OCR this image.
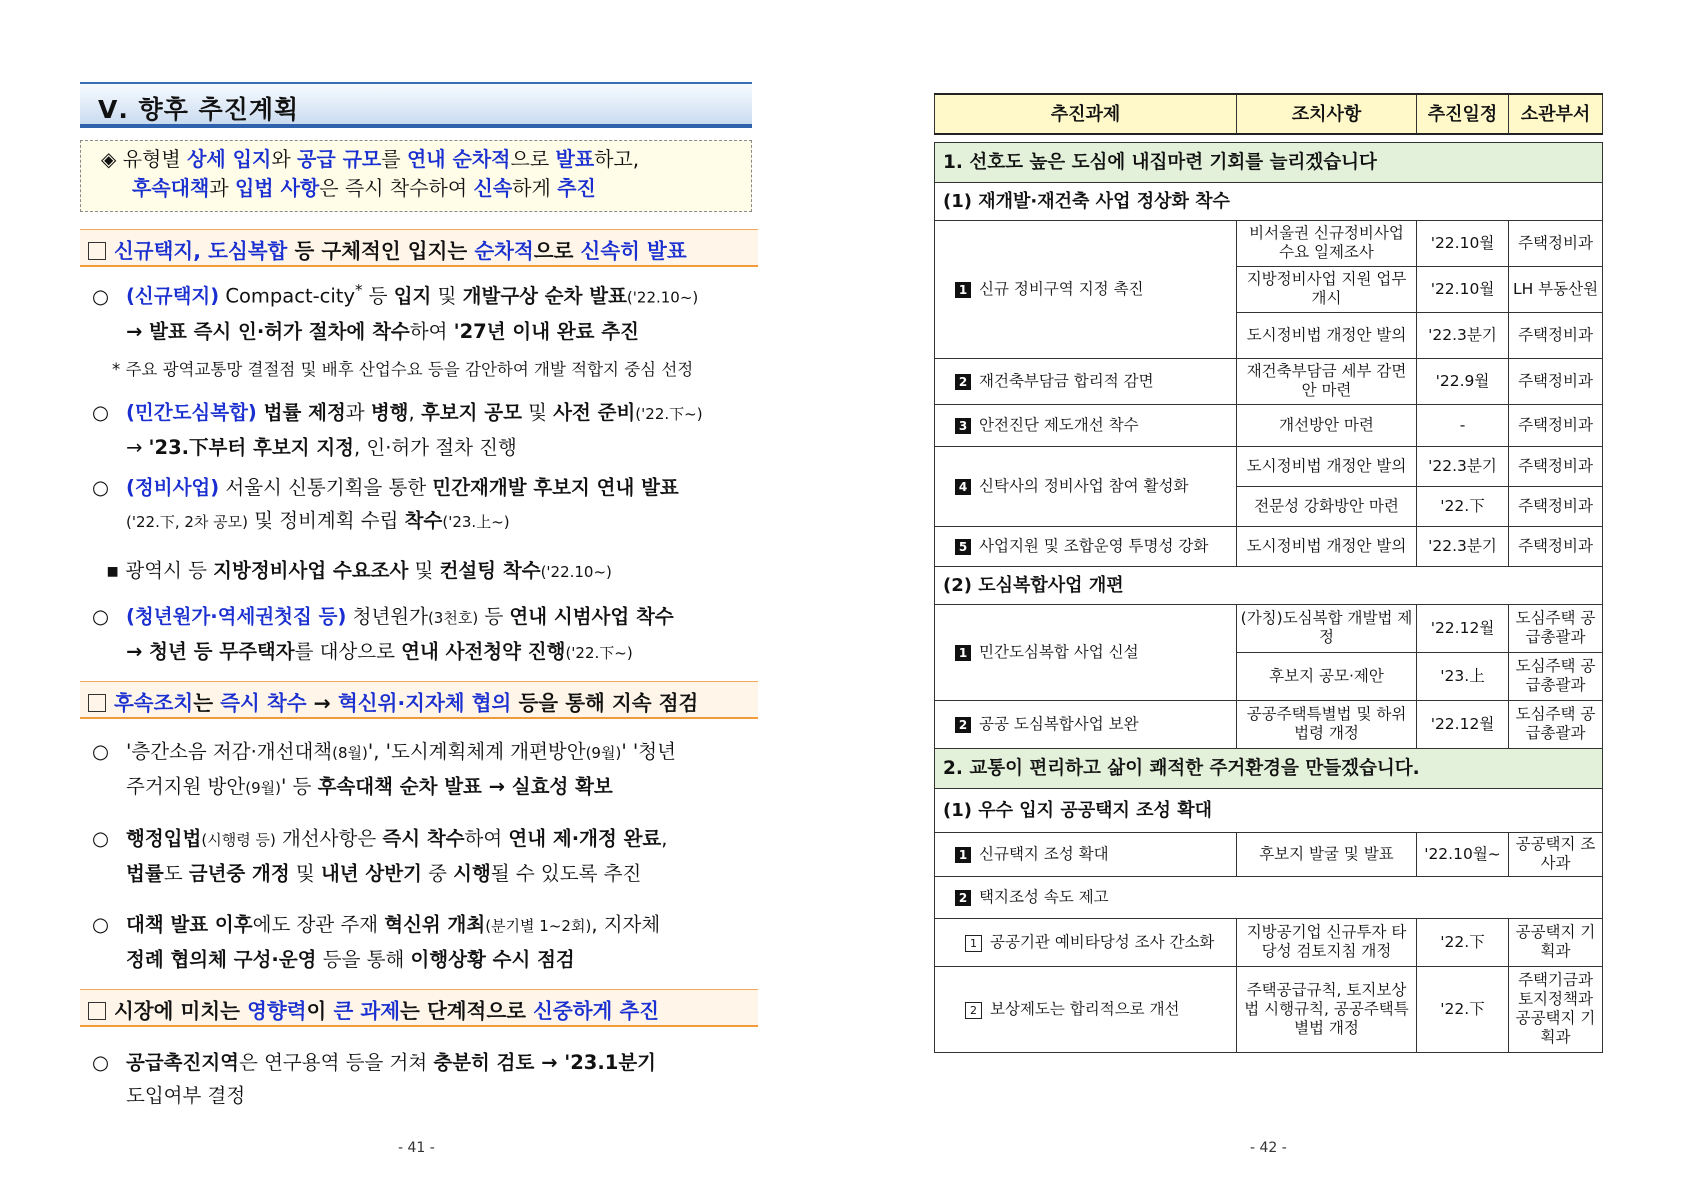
Ⅴ. 향후 추진계획
◈ 유형별 상세 입지와 공급 규모를 연내 순차적으로 발표하고,
후속대책과 입법 사항은 즉시 착수하여 신속하게 추진
신규택지, 도심복합 등 구체적인 입지는 순차적으로 신속히 발표
○ (신규택지) Compact-city* 등 입지 및 개발구상 순차 발표('22.10~)
→ 발표 즉시 인·허가 절차에 착수하여 '27년 이내 완료 추진
* 주요 광역교통망 결절점 및 배후 산업수요 등을 감안하여 개발 적합지 중심 선정
○ (민간도심복합) 법률 제정과 병행, 후보지 공모 및 사전 준비('22.下~)
→ '23.下부터 후보지 지정, 인·허가 절차 진행
○ (정비사업) 서울시 신통기획을 통한 민간재개발 후보지 연내 발표
('22.下, 2차 공모) 및 정비계획 수립 착수('23.上~)
▪ 광역시 등 지방정비사업 수요조사 및 컨설팅 착수('22.10~)
○ (청년원가·역세권첫집 등) 청년원가(3천호) 등 연내 시범사업 착수
→ 청년 등 무주택자를 대상으로 연내 사전청약 진행('22.下~)
후속조치는 즉시 착수 → 혁신위·지자체 협의 등을 통해 지속 점검
○ '층간소음 저감·개선대책(8월)', '도시계획체계 개편방안(9월)' '청년
주거지원 방안(9월)' 등 후속대책 순차 발표 → 실효성 확보
○ 행정입법(시행령 등) 개선사항은 즉시 착수하여 연내 제·개정 완료,
법률도 금년중 개정 및 내년 상반기 중 시행될 수 있도록 추진
○ 대책 발표 이후에도 장관 주재 혁신위 개최(분기별 1~2회), 지자체
정례 협의체 구성·운영 등을 통해 이행상황 수시 점검
시장에 미치는 영향력이 큰 과제는 단계적으로 신중하게 추진
○ 공급촉진지역은 연구용역 등을 거쳐 충분히 검토 → '23.1분기
도입여부 결정
- 41 -
추진과제	조치사항	추진일정	소관부서

1. 선호도 높은 도심에 내집마련 기회를 늘리겠습니다			
(1) 재개발·재건축 사업 정상화 착수			
1 신규 정비구역 지정 촉진	비서울권 신규정비사업 수요 일제조사	'22.10월	주택정비과
	지방정비사업 지원 업무개시	'22.10월	LH 부동산원
	도시정비법 개정안 발의	'22.3분기	주택정비과
2 재건축부담금 합리적 감면	재건축부담금 세부 감면안 마련	'22.9월	주택정비과
3 안전진단 제도개선 착수	개선방안 마련	-	주택정비과
4 신탁사의 정비사업 참여 활성화	도시정비법 개정안 발의	'22.3분기	주택정비과
	전문성 강화방안 마련	'22.下	주택정비과
5 사업지원 및 조합운영 투명성 강화	도시정비법 개정안 발의	'22.3분기	주택정비과
(2) 도심복합사업 개편			
1 민간도심복합 사업 신설	(가칭)도심복합 개발법 제정	'22.12월	도심주택 공급총괄과
	후보지 공모·제안	'23.上	도심주택 공급총괄과
2 공공 도심복합사업 보완	공공주택특별법 및 하위법령 개정	'22.12월	도심주택 공급총괄과
2. 교통이 편리하고 삶이 쾌적한 주거환경을 만들겠습니다.			
(1) 우수 입지 공공택지 조성 확대			
1 신규택지 조성 확대	후보지 발굴 및 발표	'22.10월~	공공택지 조사과
2 택지조성 속도 제고			
1 공공기관 예비타당성 조사 간소화	지방공기업 신규투자 타당성 검토지침 개정	'22.下	공공택지 기획과
2 보상제도는 합리적으로 개선	주택공급규칙, 토지보상법 시행규칙, 공공주택특별법 개정	'22.下	주택기금과 토지정책과 공공택지 기획과
- 42 -
